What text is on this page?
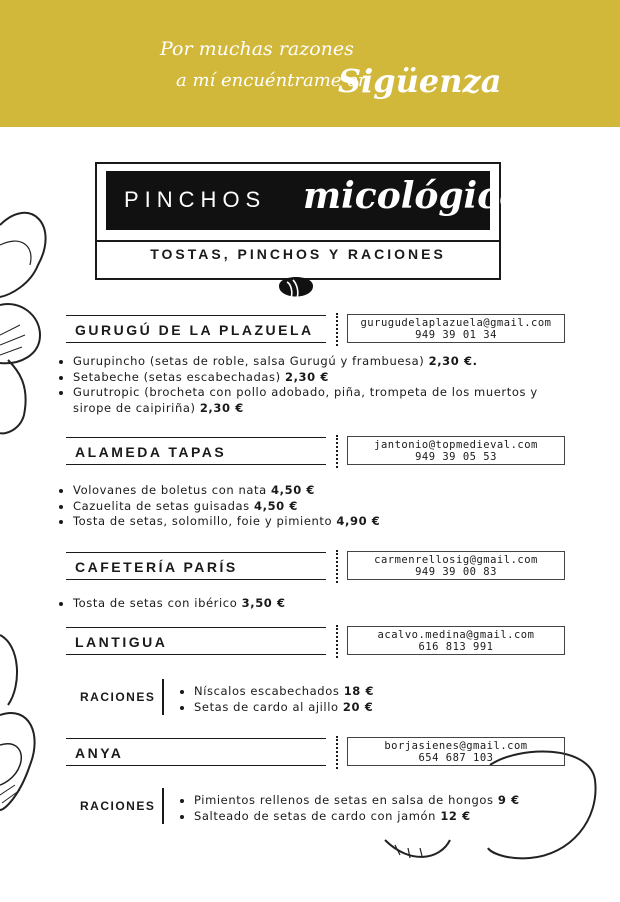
Por muchas razones
a mí encuéntrame en
Sigüenza
PINCHOS micológicos
TOSTAS, PINCHOS Y RACIONES
GURUGÚ DE LA PLAZUELA	gurugudelaplazuela@gmail.com
949 39 01 34
• Gurupincho (setas de roble, salsa Gurugú y frambuesa) 2,30 €.
• Setabeche (setas escabechadas) 2,30 €
• Gurutropic (brocheta con pollo adobado, piña, trompeta de los muertos y sirope de caipiriña) 2,30 €
ALAMEDA TAPAS	jantonio@topmedieval.com
949 39 05 53
• Volovanes de boletus con nata 4,50 €
• Cazuelita de setas guisadas 4,50 €
• Tosta de setas, solomillo, foie y pimiento 4,90 €
CAFETERÍA PARÍS	carmenrellosig@gmail.com
949 39 00 83
• Tosta de setas con ibérico 3,50 €
LANTIGUA	acalvo.medina@gmail.com
616 813 991
RACIONES	• Níscalos escabechados 18 €
• Setas de cardo al ajillo 20 €
ANYA	borjasienes@gmail.com
654 687 103
RACIONES	• Pimientos rellenos de setas en salsa de hongos 9 €
• Salteado de setas de cardo con jamón 12 €
